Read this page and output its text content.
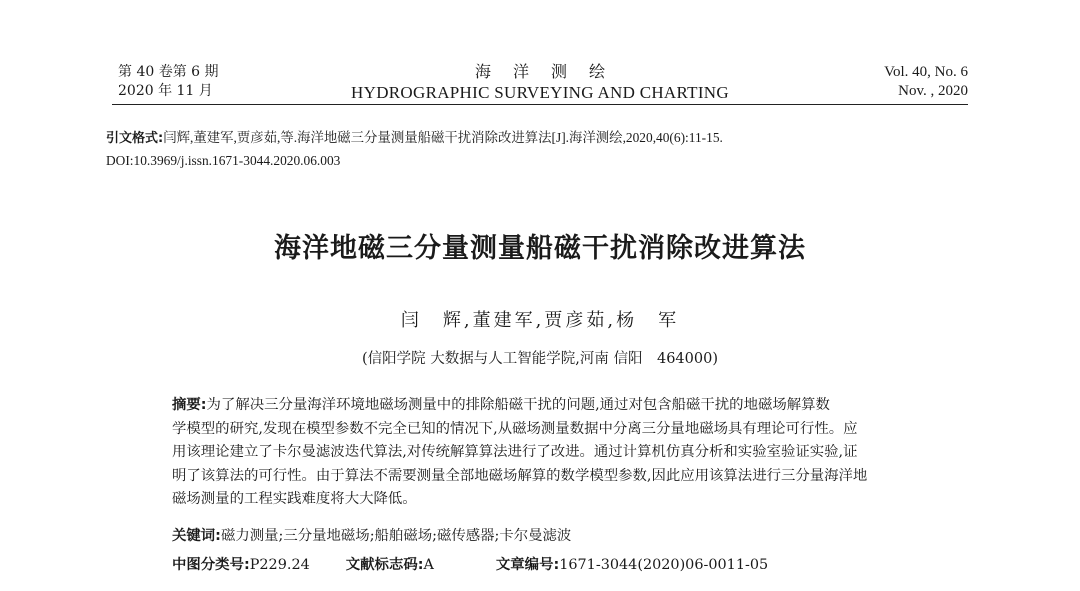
第 40 卷第 6 期
2020 年 11 月
海洋测绘
HYDROGRAPHIC SURVEYING AND CHARTING
Vol. 40, No. 6
Nov. , 2020
引文格式:闫辉,董建军,贾彦茹,等.海洋地磁三分量测量船磁干扰消除改进算法[J].海洋测绘,2020,40(6):11-15.
DOI:10.3969/j.issn.1671-3044.2020.06.003
海洋地磁三分量测量船磁干扰消除改进算法
闫　辉,董建军,贾彦茹,杨　军
(信阳学院 大数据与人工智能学院,河南 信阳　464000)
摘要:为了解决三分量海洋环境地磁场测量中的排除船磁干扰的问题,通过对包含船磁干扰的地磁场解算数
学模型的研究,发现在模型参数不完全已知的情况下,从磁场测量数据中分离三分量地磁场具有理论可行性。应
用该理论建立了卡尔曼滤波迭代算法,对传统解算算法进行了改进。通过计算机仿真分析和实验室验证实验,证
明了该算法的可行性。由于算法不需要测量全部地磁场解算的数学模型参数,因此应用该算法进行三分量海洋地
磁场测量的工程实践难度将大大降低。
关键词:磁力测量;三分量地磁场;船舶磁场;磁传感器;卡尔曼滤波
中图分类号:P229.24	文献标志码:A	文章编号:1671-3044(2020)06-0011-05
